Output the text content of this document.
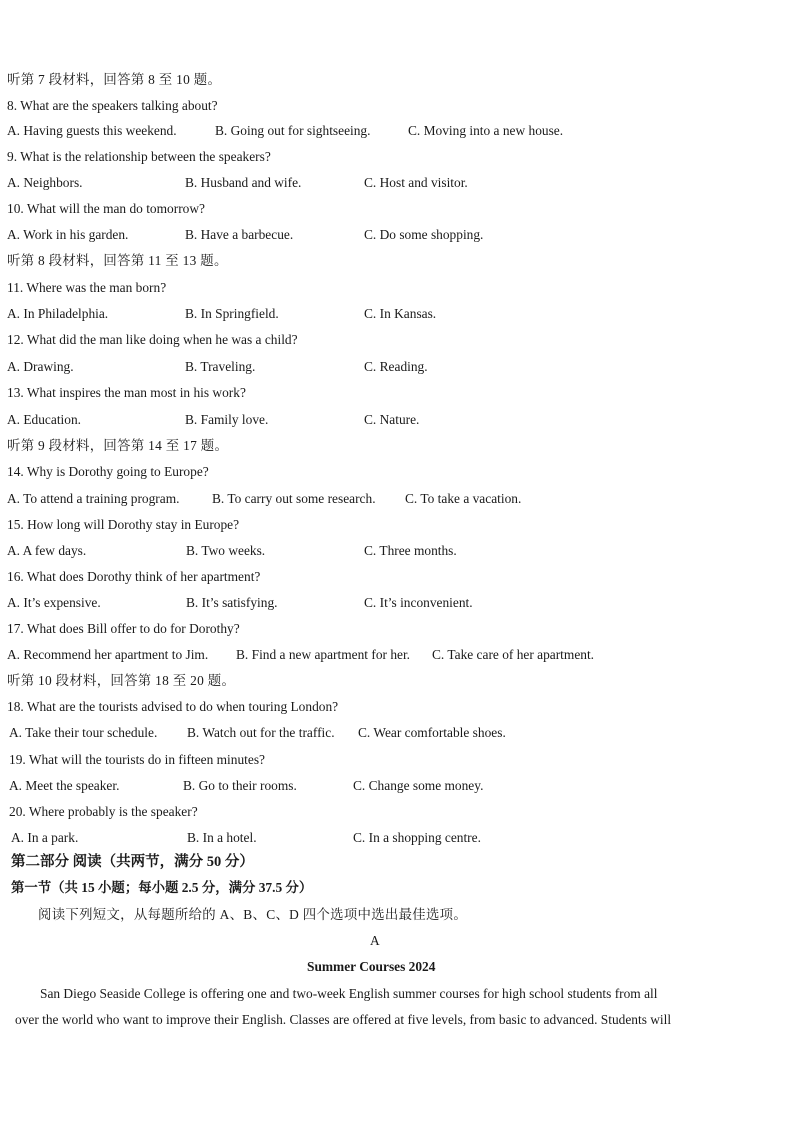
听第 7 段材料，回答第 8 至 10 题。
8. What are the speakers talking about?
A. Having guests this weekend.	B. Going out for sightseeing.	C. Moving into a new house.
9. What is the relationship between the speakers?
A. Neighbors.	B. Husband and wife.	C. Host and visitor.
10. What will the man do tomorrow?
A. Work in his garden.	B. Have a barbecue.	C. Do some shopping.
听第 8 段材料，回答第 11 至 13 题。
11. Where was the man born?
A. In Philadelphia.	B. In Springfield.	C. In Kansas.
12. What did the man like doing when he was a child?
A. Drawing.	B. Traveling.	C. Reading.
13. What inspires the man most in his work?
A. Education.	B. Family love.	C. Nature.
听第 9 段材料，回答第 14 至 17 题。
14. Why is Dorothy going to Europe?
A. To attend a training program. B. To carry out some research. C. To take a vacation.
15. How long will Dorothy stay in Europe?
A. A few days.	B. Two weeks.	C. Three months.
16. What does Dorothy think of her apartment?
A. It’s expensive.	B. It’s satisfying.	C. It’s inconvenient.
17. What does Bill offer to do for Dorothy?
A. Recommend her apartment to Jim. B. Find a new apartment for her. C. Take care of her apartment.
听第 10 段材料，回答第 18 至 20 题。
18. What are the tourists advised to do when touring London?
A. Take their tour schedule. B. Watch out for the traffic. C. Wear comfortable shoes.
19. What will the tourists do in fifteen minutes?
A. Meet the speaker.	B. Go to their rooms.	C. Change some money.
20. Where probably is the speaker?
A. In a park.	B. In a hotel.	C. In a shopping centre.
第二部分 阅读（共两节，满分 50 分）
第一节（共 15 小题；每小题 2.5 分，满分 37.5 分）
阅读下列短文，从每题所给的 A、B、C、D 四个选项中选出最佳选项。
A
Summer Courses 2024
San Diego Seaside College is offering one and two-week English summer courses for high school students from all
over the world who want to improve their English. Classes are offered at five levels, from basic to advanced. Students will
